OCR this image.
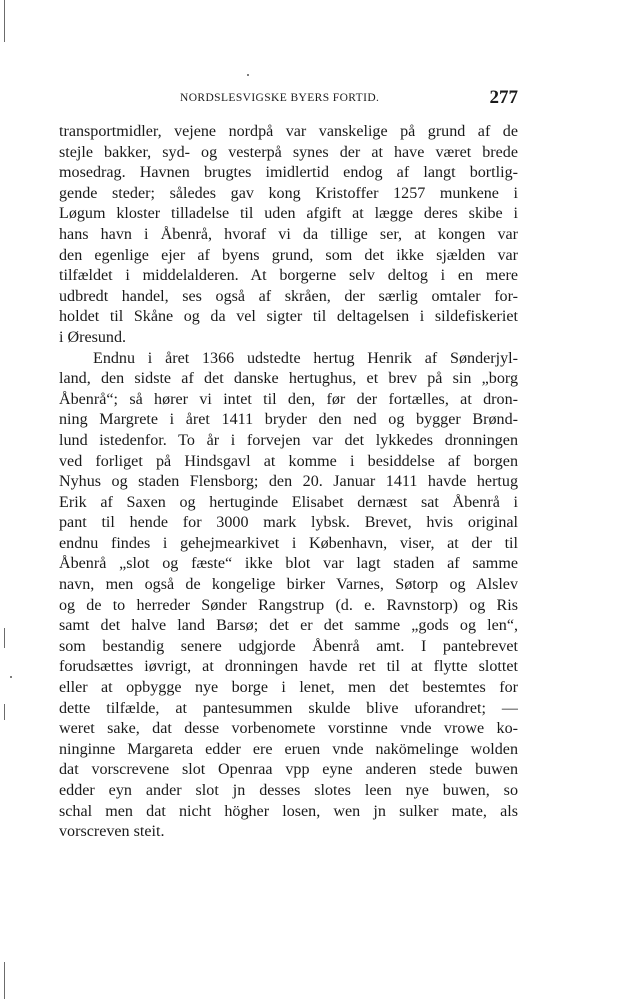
NORDSLESVIGSKE BYERS FORTID.	277
transportmidler, vejene nordpå var vanskelige på grund af de
stejle bakker, syd- og vesterpå synes der at have været brede
mosedrag. Havnen brugtes imidlertid endog af langt bortlig-
gende steder; således gav kong Kristoffer 1257 munkene i
Løgum kloster tilladelse til uden afgift at lægge deres skibe i
hans havn i Åbenrå, hvoraf vi da tillige ser, at kongen var
den egenlige ejer af byens grund, som det ikke sjælden var
tilfældet i middelalderen. At borgerne selv deltog i en mere
udbredt handel, ses også af skråen, der særlig omtaler for-
holdet til Skåne og da vel sigter til deltagelsen i sildefiskeriet
i Øresund.
Endnu i året 1366 udstedte hertug Henrik af Sønderjyl-
land, den sidste af det danske hertughus, et brev på sin „borg
Åbenrå“; så hører vi intet til den, før der fortælles, at dron-
ning Margrete i året 1411 bryder den ned og bygger Brønd-
lund istedenfor. To år i forvejen var det lykkedes dronningen
ved forliget på Hindsgavl at komme i besiddelse af borgen
Nyhus og staden Flensborg; den 20. Januar 1411 havde hertug
Erik af Saxen og hertuginde Elisabet dernæst sat Åbenrå i
pant til hende for 3000 mark lybsk. Brevet, hvis original
endnu findes i gehejmearkivet i København, viser, at der til
Åbenrå „slot og fæste“ ikke blot var lagt staden af samme
navn, men også de kongelige birker Varnes, Søtorp og Alslev
og de to herreder Sønder Rangstrup (d. e. Ravnstorp) og Ris
samt det halve land Barsø; det er det samme „gods og len“,
som bestandig senere udgjorde Åbenrå amt. I pantebrevet
forudsættes iøvrigt, at dronningen havde ret til at flytte slottet
eller at opbygge nye borge i lenet, men det bestemtes for
dette tilfælde, at pantesummen skulde blive uforandret; —
weret sake, dat desse vorbenomete vorstinne vnde vrowe ko-
ninginne Margareta edder ere eruen vnde nakömelinge wolden
dat vorscrevene slot Openraa vpp eyne anderen stede buwen
edder eyn ander slot jn desses slotes leen nye buwen, so
schal men dat nicht högher losen, wen jn sulker mate, als
vorscreven steit.
